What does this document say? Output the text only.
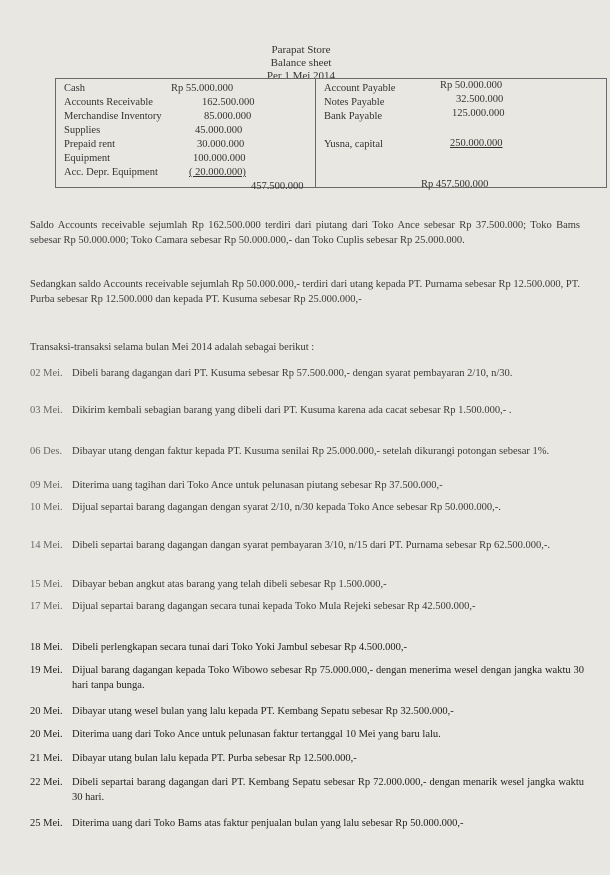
Parapat Store
Balance sheet
Per 1 Mei 2014
Cash
Accounts Receivable
Merchandise Inventory
Supplies
Prepaid rent
Equipment
Acc. Depr. Equipment
Rp 55.000.000
162.500.000
85.000.000
45.000.000
30.000.000
100.000.000
( 20.000.000)
457.500.000
Account Payable
Notes Payable
Bank Payable
Yusna, capital
Rp 50.000.000
32.500.000
125.000.000
250.000.000
Rp 457.500.000
Saldo Accounts receivable sejumlah Rp 162.500.000 terdiri dari piutang dari Toko Ance sebesar Rp 37.500.000; Toko Bams sebesar Rp 50.000.000; Toko Camara sebesar Rp 50.000.000,- dan Toko Cuplis sebesar Rp 25.000.000.
Sedangkan saldo Accounts receivable sejumlah Rp 50.000.000,- terdiri dari utang kepada PT. Purnama sebesar Rp 12.500.000, PT. Purba sebesar Rp 12.500.000 dan kepada PT. Kusuma sebesar Rp 25.000.000,-
Transaksi-transaksi selama bulan Mei 2014 adalah sebagai berikut :
02 Mei. Dibeli barang dagangan dari PT. Kusuma sebesar Rp 57.500.000,- dengan syarat pembayaran 2/10, n/30.
03 Mei. Dikirim kembali sebagian barang yang dibeli dari PT. Kusuma karena ada cacat sebesar Rp 1.500.000,- .
06 Des. Dibayar utang dengan faktur kepada PT. Kusuma senilai Rp 25.000.000,- setelah dikurangi potongan sebesar 1%.
09 Mei. Diterima uang tagihan dari Toko Ance untuk pelunasan piutang sebesar Rp 37.500.000,-
10 Mei. Dijual separtai barang dagangan dengan syarat 2/10, n/30 kepada Toko Ance sebesar Rp 50.000.000,-.
14 Mei. Dibeli separtai barang dagangan dangan syarat pembayaran 3/10, n/15 dari PT. Purnama sebesar Rp 62.500.000,-.
15 Mei. Dibayar beban angkut atas barang yang telah dibeli sebesar Rp 1.500.000,-
17 Mei. Dijual separtai barang dagangan secara tunai kepada Toko Mula Rejeki sebesar Rp 42.500.000,-
18 Mei. Dibeli perlengkapan secara tunai dari Toko Yoki Jambul sebesar Rp 4.500.000,-
19 Mei. Dijual barang dagangan kepada Toko Wibowo sebesar Rp 75.000.000,- dengan menerima wesel dengan jangka waktu 30 hari tanpa bunga.
20 Mei. Dibayar utang wesel bulan yang lalu kepada PT. Kembang Sepatu sebesar Rp 32.500.000,-
20 Mei. Diterima uang dari Toko Ance untuk pelunasan faktur tertanggal 10 Mei yang baru lalu.
21 Mei. Dibayar utang bulan lalu kepada PT. Purba sebesar Rp 12.500.000,-
22 Mei. Dibeli separtai barang dagangan dari PT. Kembang Sepatu sebesar Rp 72.000.000,- dengan menarik wesel jangka waktu 30 hari.
25 Mei. Diterima uang dari Toko Bams atas faktur penjualan bulan yang lalu sebesar Rp 50.000.000,-
